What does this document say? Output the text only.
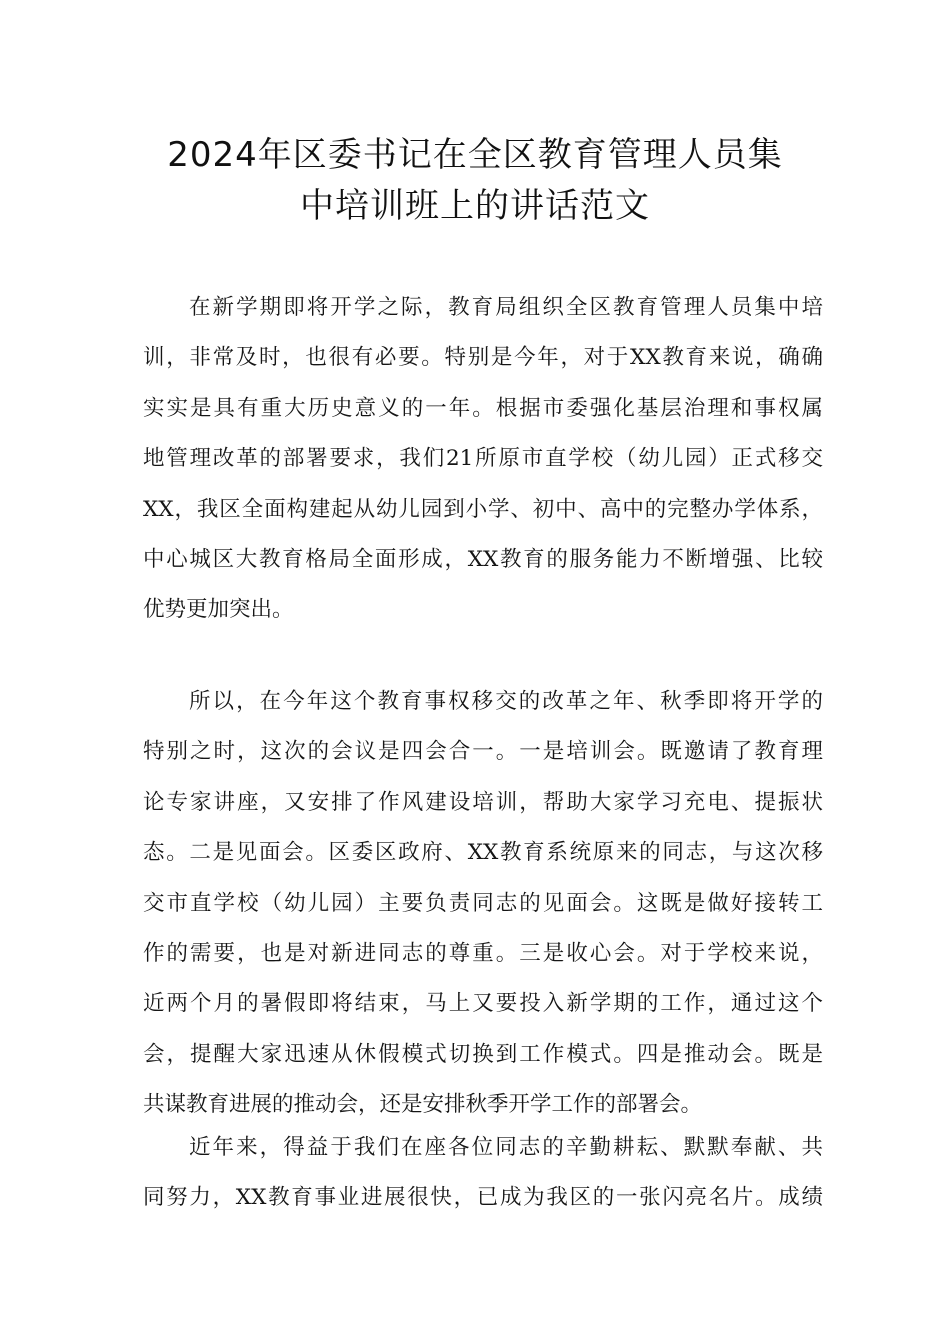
2024年区委书记在全区教育管理人员集
中培训班上的讲话范文
在新学期即将开学之际，教育局组织全区教育管理人员集中培
训，非常及时，也很有必要。特别是今年，对于XX教育来说，确确
实实是具有重大历史意义的一年。根据市委强化基层治理和事权属
地管理改革的部署要求，我们21所原市直学校（幼儿园）正式移交
XX，我区全面构建起从幼儿园到小学、初中、高中的完整办学体系，
中心城区大教育格局全面形成，XX教育的服务能力不断增强、比较
优势更加突出。
所以，在今年这个教育事权移交的改革之年、秋季即将开学的
特别之时，这次的会议是四会合一。一是培训会。既邀请了教育理
论专家讲座，又安排了作风建设培训，帮助大家学习充电、提振状
态。二是见面会。区委区政府、XX教育系统原来的同志，与这次移
交市直学校（幼儿园）主要负责同志的见面会。这既是做好接转工
作的需要，也是对新进同志的尊重。三是收心会。对于学校来说，
近两个月的暑假即将结束，马上又要投入新学期的工作，通过这个
会，提醒大家迅速从休假模式切换到工作模式。四是推动会。既是
共谋教育进展的推动会，还是安排秋季开学工作的部署会。
近年来，得益于我们在座各位同志的辛勤耕耘、默默奉献、共
同努力，XX教育事业进展很快，已成为我区的一张闪亮名片。成绩
